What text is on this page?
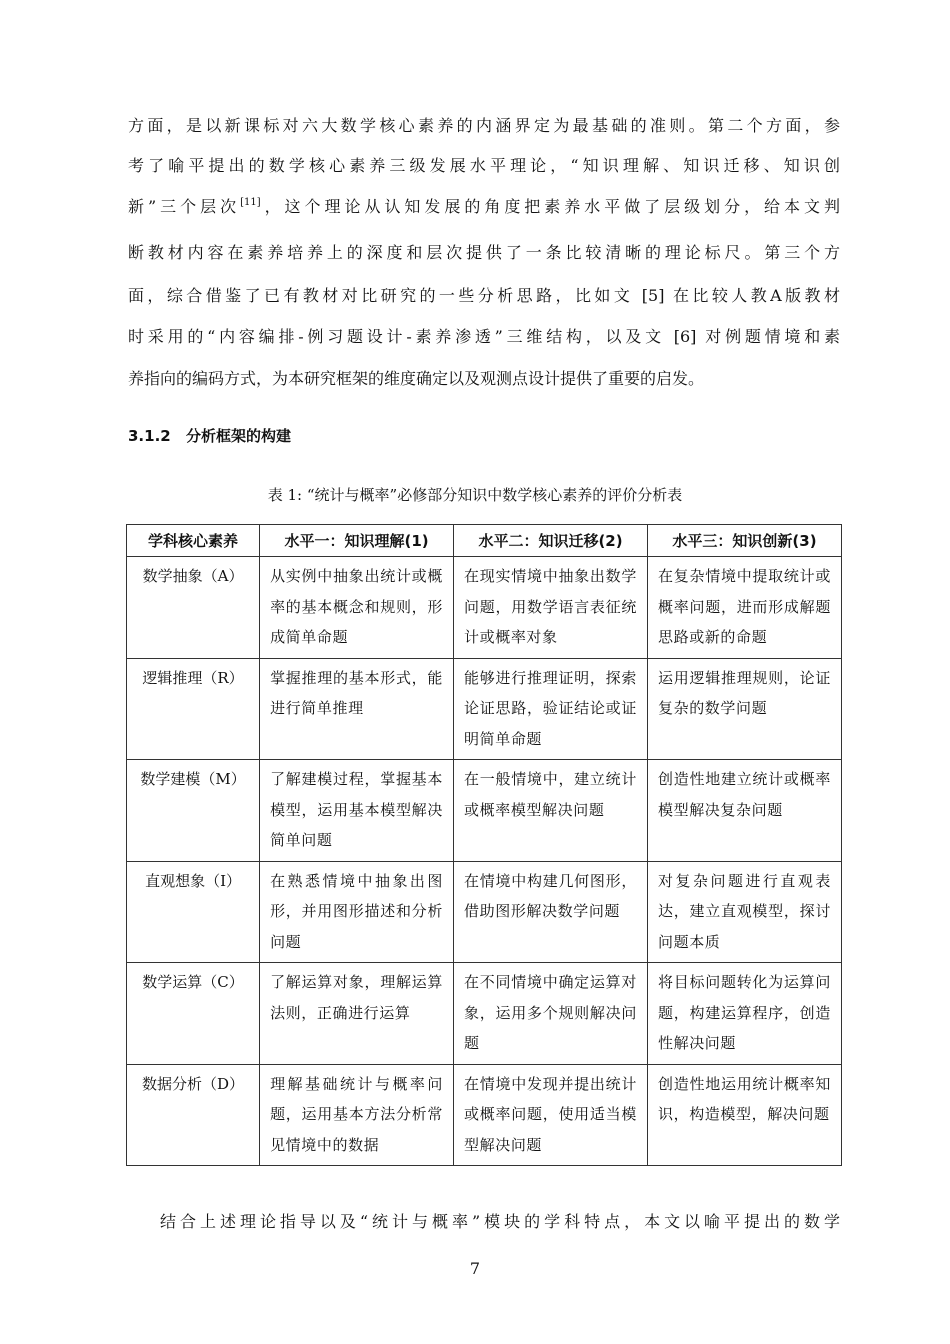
方面，是以新课标对六大数学核心素养的内涵界定为最基础的准则。第二个方面，参
考了喻平提出的数学核心素养三级发展水平理论，“知识理解、知识迁移、知识创
新”三个层次[11]，这个理论从认知发展的角度把素养水平做了层级划分，给本文判
断教材内容在素养培养上的深度和层次提供了一条比较清晰的理论标尺。第三个方
面，综合借鉴了已有教材对比研究的一些分析思路，比如文 [5] 在比较人教A版教材
时采用的“内容编排-例习题设计-素养渗透”三维结构，以及文 [6] 对例题情境和素
养指向的编码方式，为本研究框架的维度确定以及观测点设计提供了重要的启发。
3.1.2 分析框架的构建
表 1: “统计与概率”必修部分知识中数学核心素养的评价分析表
学科核心素养	水平一：知识理解(1)	水平二：知识迁移(2)	水平三：知识创新(3)
数学抽象（A）	从实例中抽象出统计或概率的基本概念和规则，形成简单命题	在现实情境中抽象出数学问题，用数学语言表征统计或概率对象	在复杂情境中提取统计或概率问题，进而形成解题思路或新的命题

逻辑推理（R）	掌握推理的基本形式，能进行简单推理	能够进行推理证明，探索论证思路，验证结论或证明简单命题	运用逻辑推理规则，论证复杂的数学问题

数学建模（M）	了解建模过程，掌握基本模型，运用基本模型解决简单问题	在一般情境中，建立统计或概率模型解决问题	创造性地建立统计或概率模型解决复杂问题

直观想象（I）	在熟悉情境中抽象出图形，并用图形描述和分析问题	在情境中构建几何图形，借助图形解决数学问题	对复杂问题进行直观表达，建立直观模型，探讨问题本质

数学运算（C）	了解运算对象，理解运算法则，正确进行运算	在不同情境中确定运算对象，运用多个规则解决问题	将目标问题转化为运算问题，构建运算程序，创造性解决问题

数据分析（D）	理解基础统计与概率问题，运用基本方法分析常见情境中的数据	在情境中发现并提出统计或概率问题，使用适当模型解决问题	创造性地运用统计概率知识，构造模型，解决问题
结合上述理论指导以及“统计与概率”模块的学科特点，本文以喻平提出的数学
7
